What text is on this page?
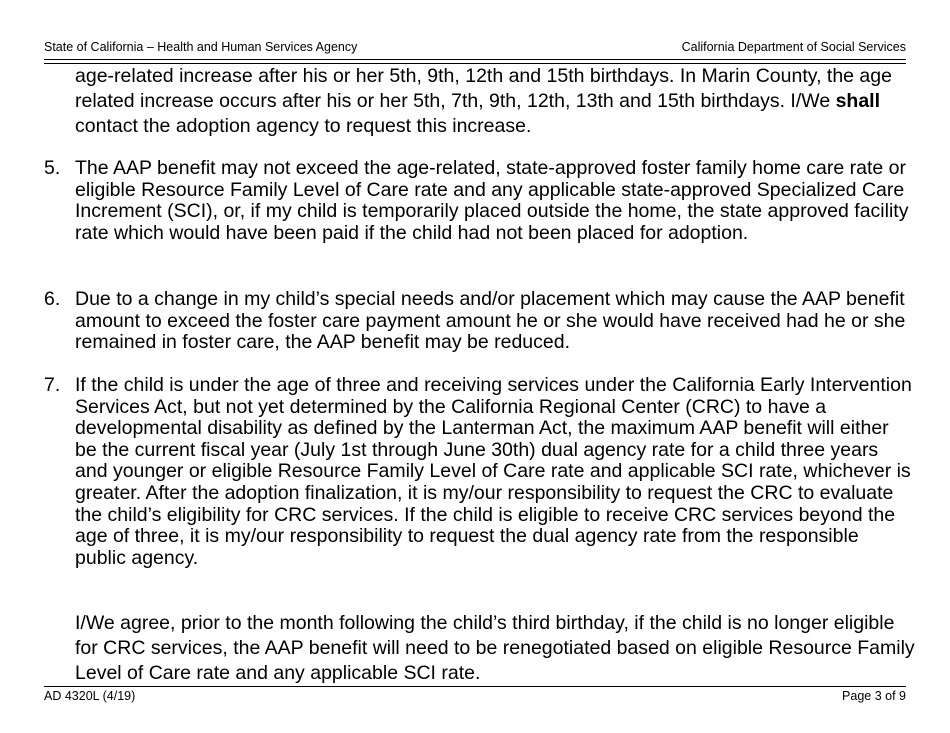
State of California – Health and Human Services Agency	California Department of Social Services
age-related increase after his or her 5th, 9th, 12th and 15th birthdays. In Marin County, the age related increase occurs after his or her 5th, 7th, 9th, 12th, 13th and 15th birthdays. I/We shall contact the adoption agency to request this increase.
5. The AAP benefit may not exceed the age-related, state-approved foster family home care rate or eligible Resource Family Level of Care rate and any applicable state-approved Specialized Care Increment (SCI), or, if my child is temporarily placed outside the home, the state approved facility rate which would have been paid if the child had not been placed for adoption.
6. Due to a change in my child’s special needs and/or placement which may cause the AAP benefit amount to exceed the foster care payment amount he or she would have received had he or she remained in foster care, the AAP benefit may be reduced.
7. If the child is under the age of three and receiving services under the California Early Intervention Services Act, but not yet determined by the California Regional Center (CRC) to have a developmental disability as defined by the Lanterman Act, the maximum AAP benefit will either be the current fiscal year (July 1st through June 30th) dual agency rate for a child three years and younger or eligible Resource Family Level of Care rate and applicable SCI rate, whichever is greater. After the adoption finalization, it is my/our responsibility to request the CRC to evaluate the child’s eligibility for CRC services. If the child is eligible to receive CRC services beyond the age of three, it is my/our responsibility to request the dual agency rate from the responsible public agency.
I/We agree, prior to the month following the child’s third birthday, if the child is no longer eligible for CRC services, the AAP benefit will need to be renegotiated based on eligible Resource Family Level of Care rate and any applicable SCI rate.
AD 4320L (4/19)	Page 3 of 9
